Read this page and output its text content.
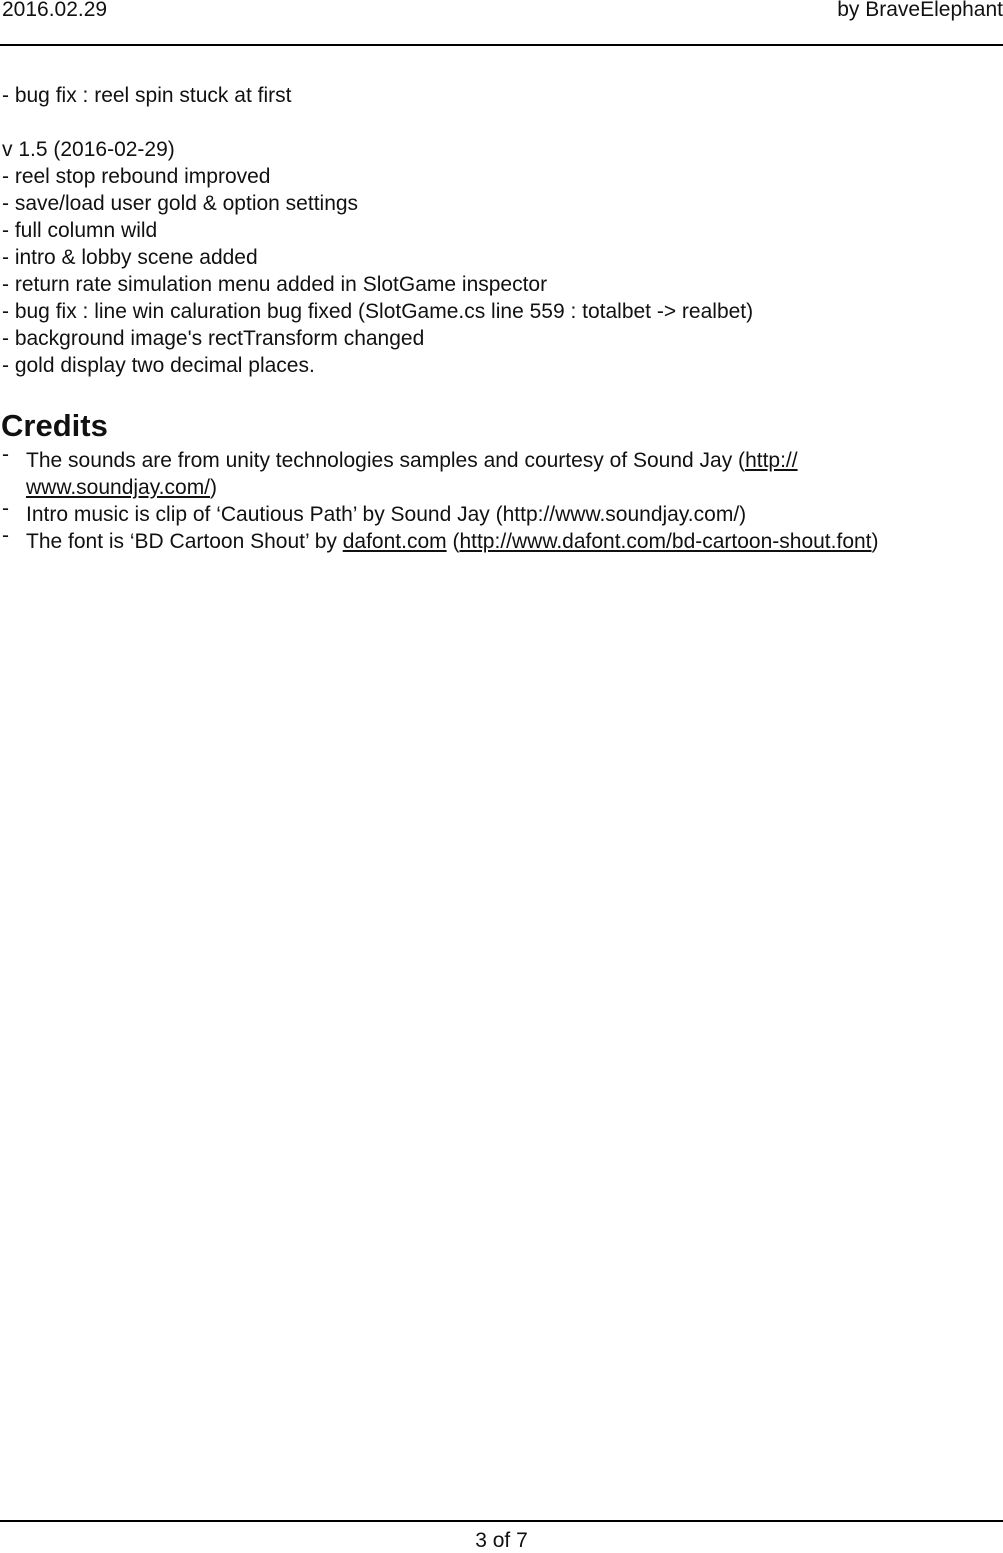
2016.02.29	by BraveElephant
- bug fix : reel spin stuck at first
v 1.5 (2016-02-29)
- reel stop rebound improved
- save/load user gold & option settings
- full column wild
- intro & lobby scene added
- return rate simulation menu added in SlotGame inspector
- bug fix : line win caluration bug fixed (SlotGame.cs line 559 : totalbet -> realbet)
- background image's rectTransform changed
- gold display two decimal places.
Credits
- The sounds are from unity technologies samples and courtesy of Sound Jay (http://
www.soundjay.com/)
- Intro music is clip of ‘Cautious Path’ by Sound Jay (http://www.soundjay.com/)
- The font is ‘BD Cartoon Shout’ by dafont.com (http://www.dafont.com/bd-cartoon-shout.font)
3 of 7
